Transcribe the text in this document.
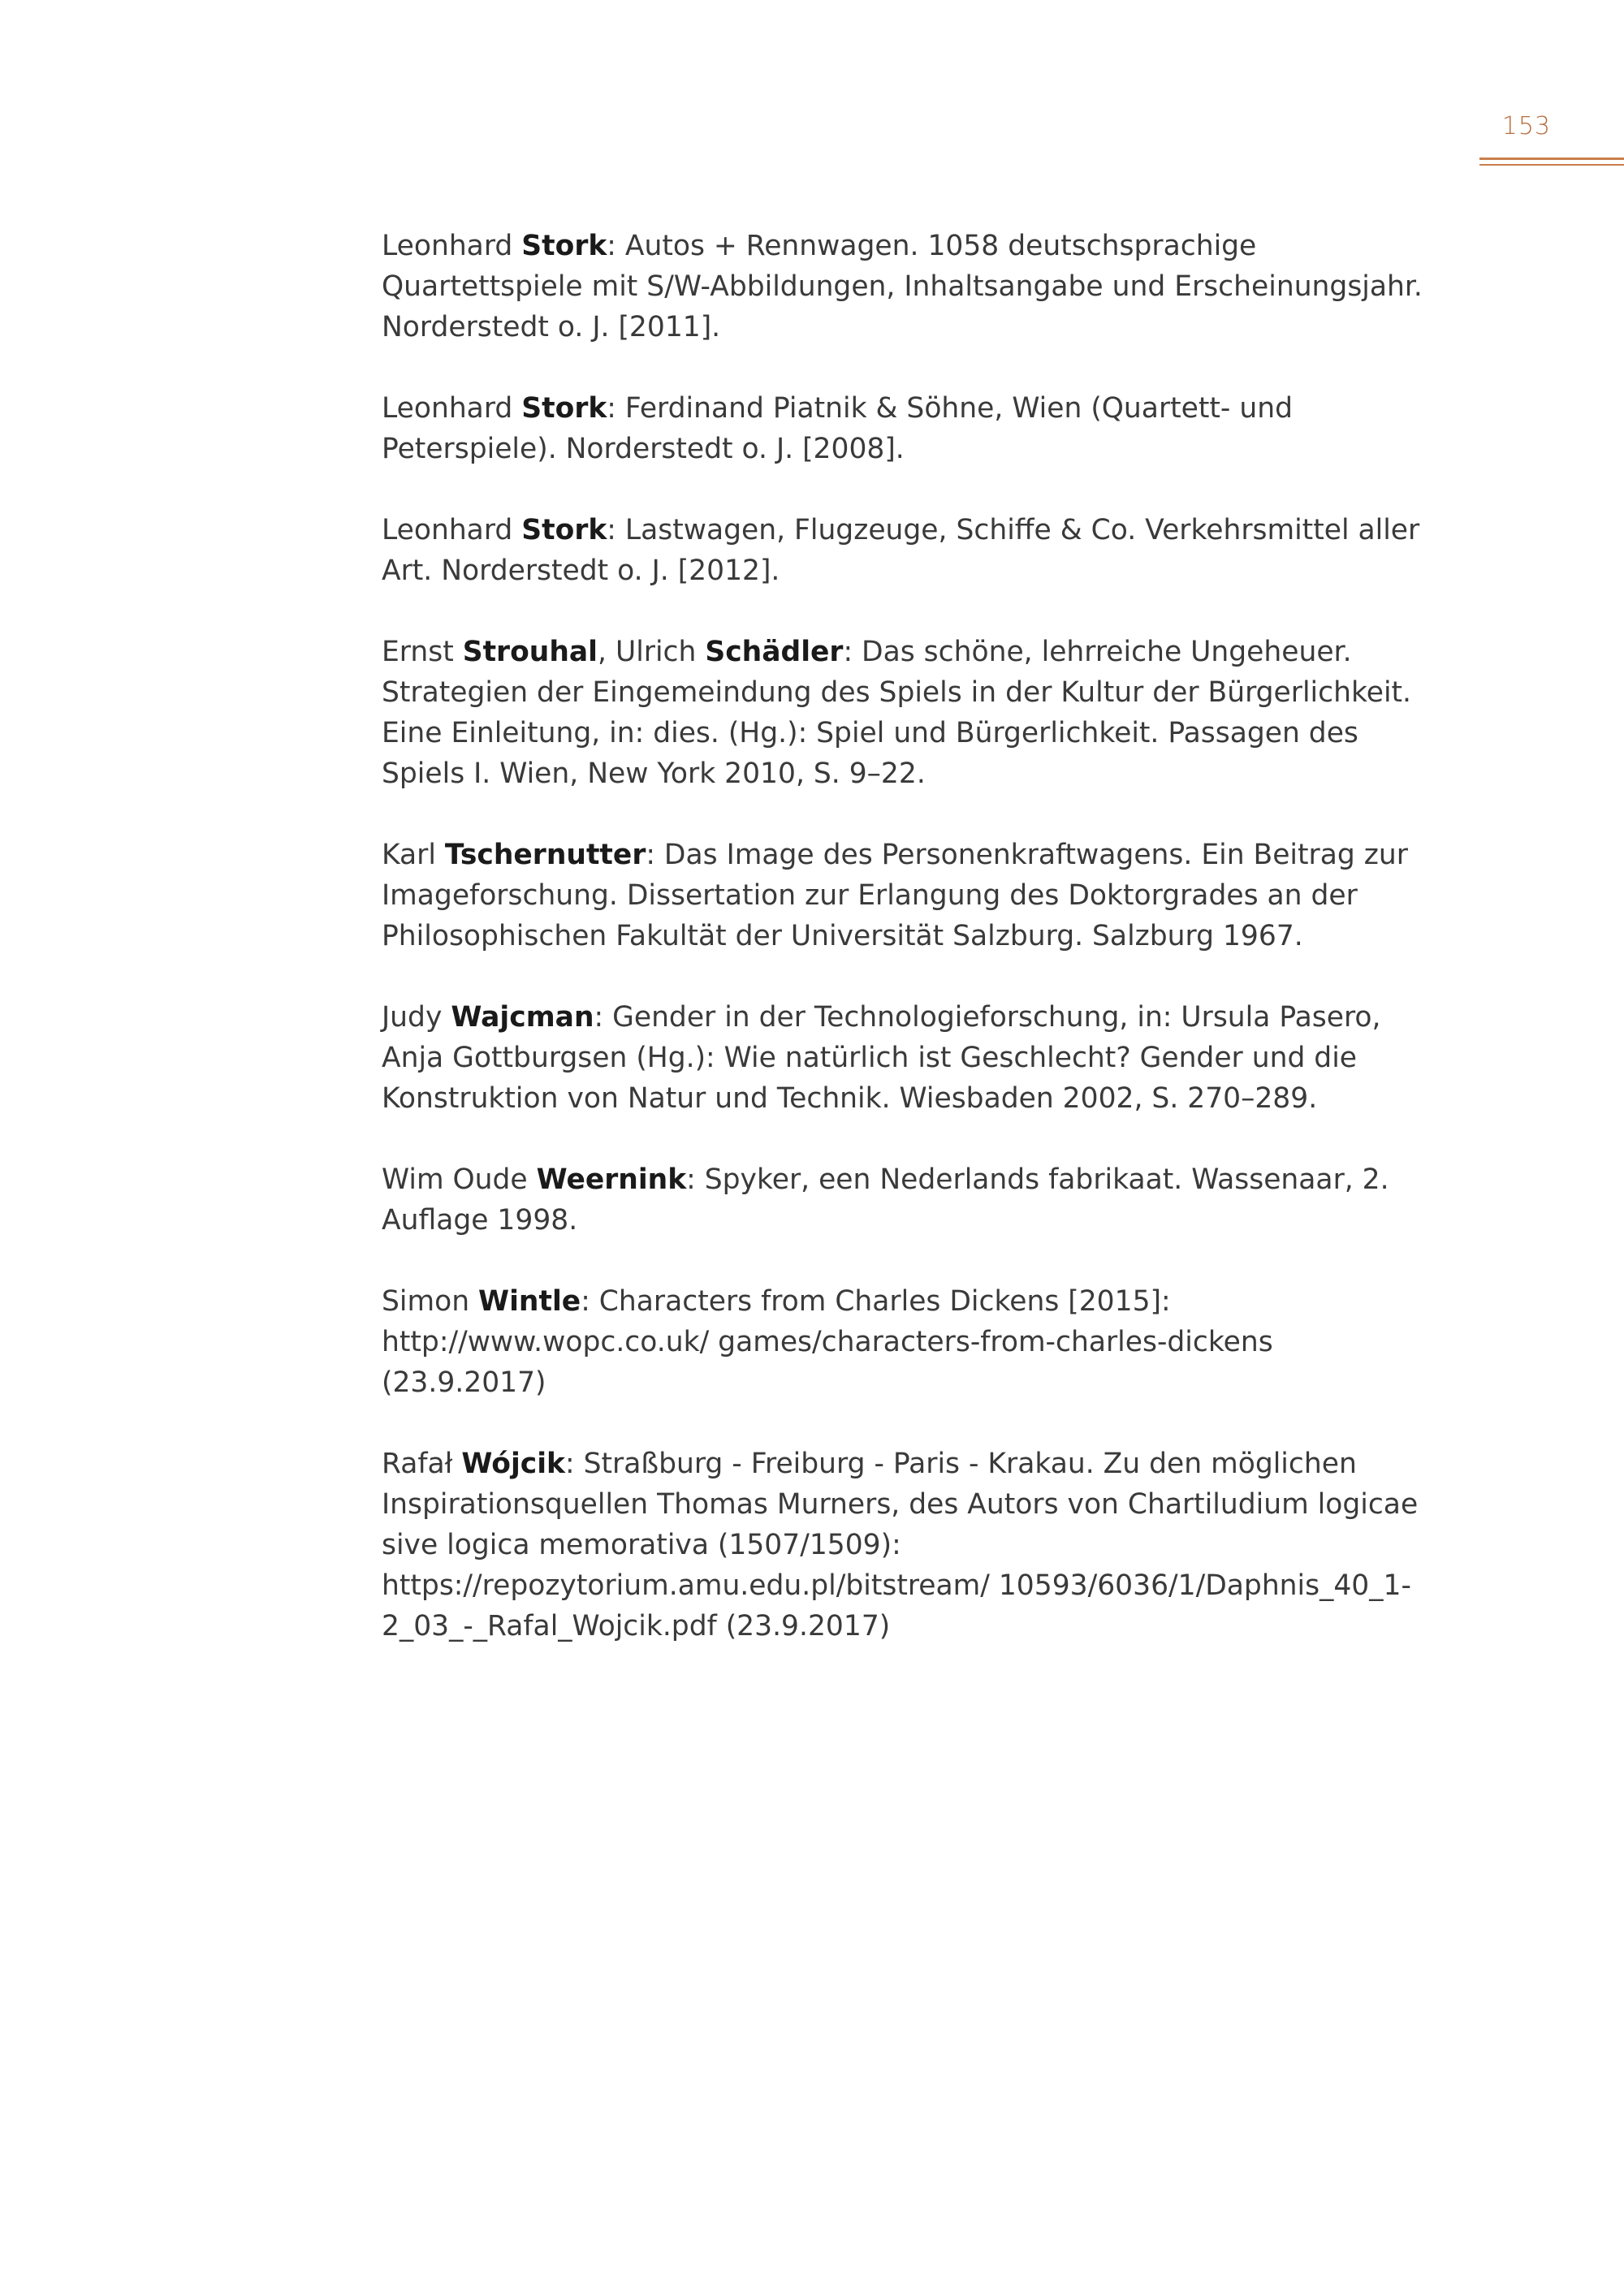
153

Leonhard Stork: Autos + Rennwagen. 1058 deutschsprachige Quartettspiele mit S/W-Abbildungen, Inhaltsangabe und Erscheinungsjahr. Norderstedt o. J. [2011].

Leonhard Stork: Ferdinand Piatnik & Söhne, Wien (Quartett- und Peterspiele). Norderstedt o. J. [2008].

Leonhard Stork: Lastwagen, Flugzeuge, Schiffe & Co. Verkehrsmittel aller Art. Norderstedt o. J. [2012].

Ernst Strouhal, Ulrich Schädler: Das schöne, lehrreiche Ungeheuer. Strategien der Eingemeindung des Spiels in der Kultur der Bürgerlichkeit. Eine Einleitung, in: dies. (Hg.): Spiel und Bürgerlichkeit. Passagen des Spiels I. Wien, New York 2010, S. 9–22.

Karl Tschernutter: Das Image des Personenkraftwagens. Ein Beitrag zur Imageforschung. Dissertation zur Erlangung des Doktorgrades an der Philosophischen Fakultät der Universität Salzburg. Salzburg 1967.

Judy Wajcman: Gender in der Technologieforschung, in: Ursula Pasero, Anja Gottburgsen (Hg.): Wie natürlich ist Geschlecht? Gender und die Konstruktion von Natur und Technik. Wiesbaden 2002, S. 270–289.

Wim Oude Weernink: Spyker, een Nederlands fabrikaat. Wassenaar, 2. Auflage 1998.

Simon Wintle: Characters from Charles Dickens [2015]: http://www.wopc.co.uk/ games/characters-from-charles-dickens (23.9.2017)

Rafał Wójcik: Straßburg - Freiburg - Paris - Krakau. Zu den möglichen Inspirationsquellen Thomas Murners, des Autors von Chartiludium logicae sive logica memorativa (1507/1509): https://repozytorium.amu.edu.pl/bitstream/ 10593/6036/1/Daphnis_40_1-2_03_-_Rafal_Wojcik.pdf (23.9.2017)
